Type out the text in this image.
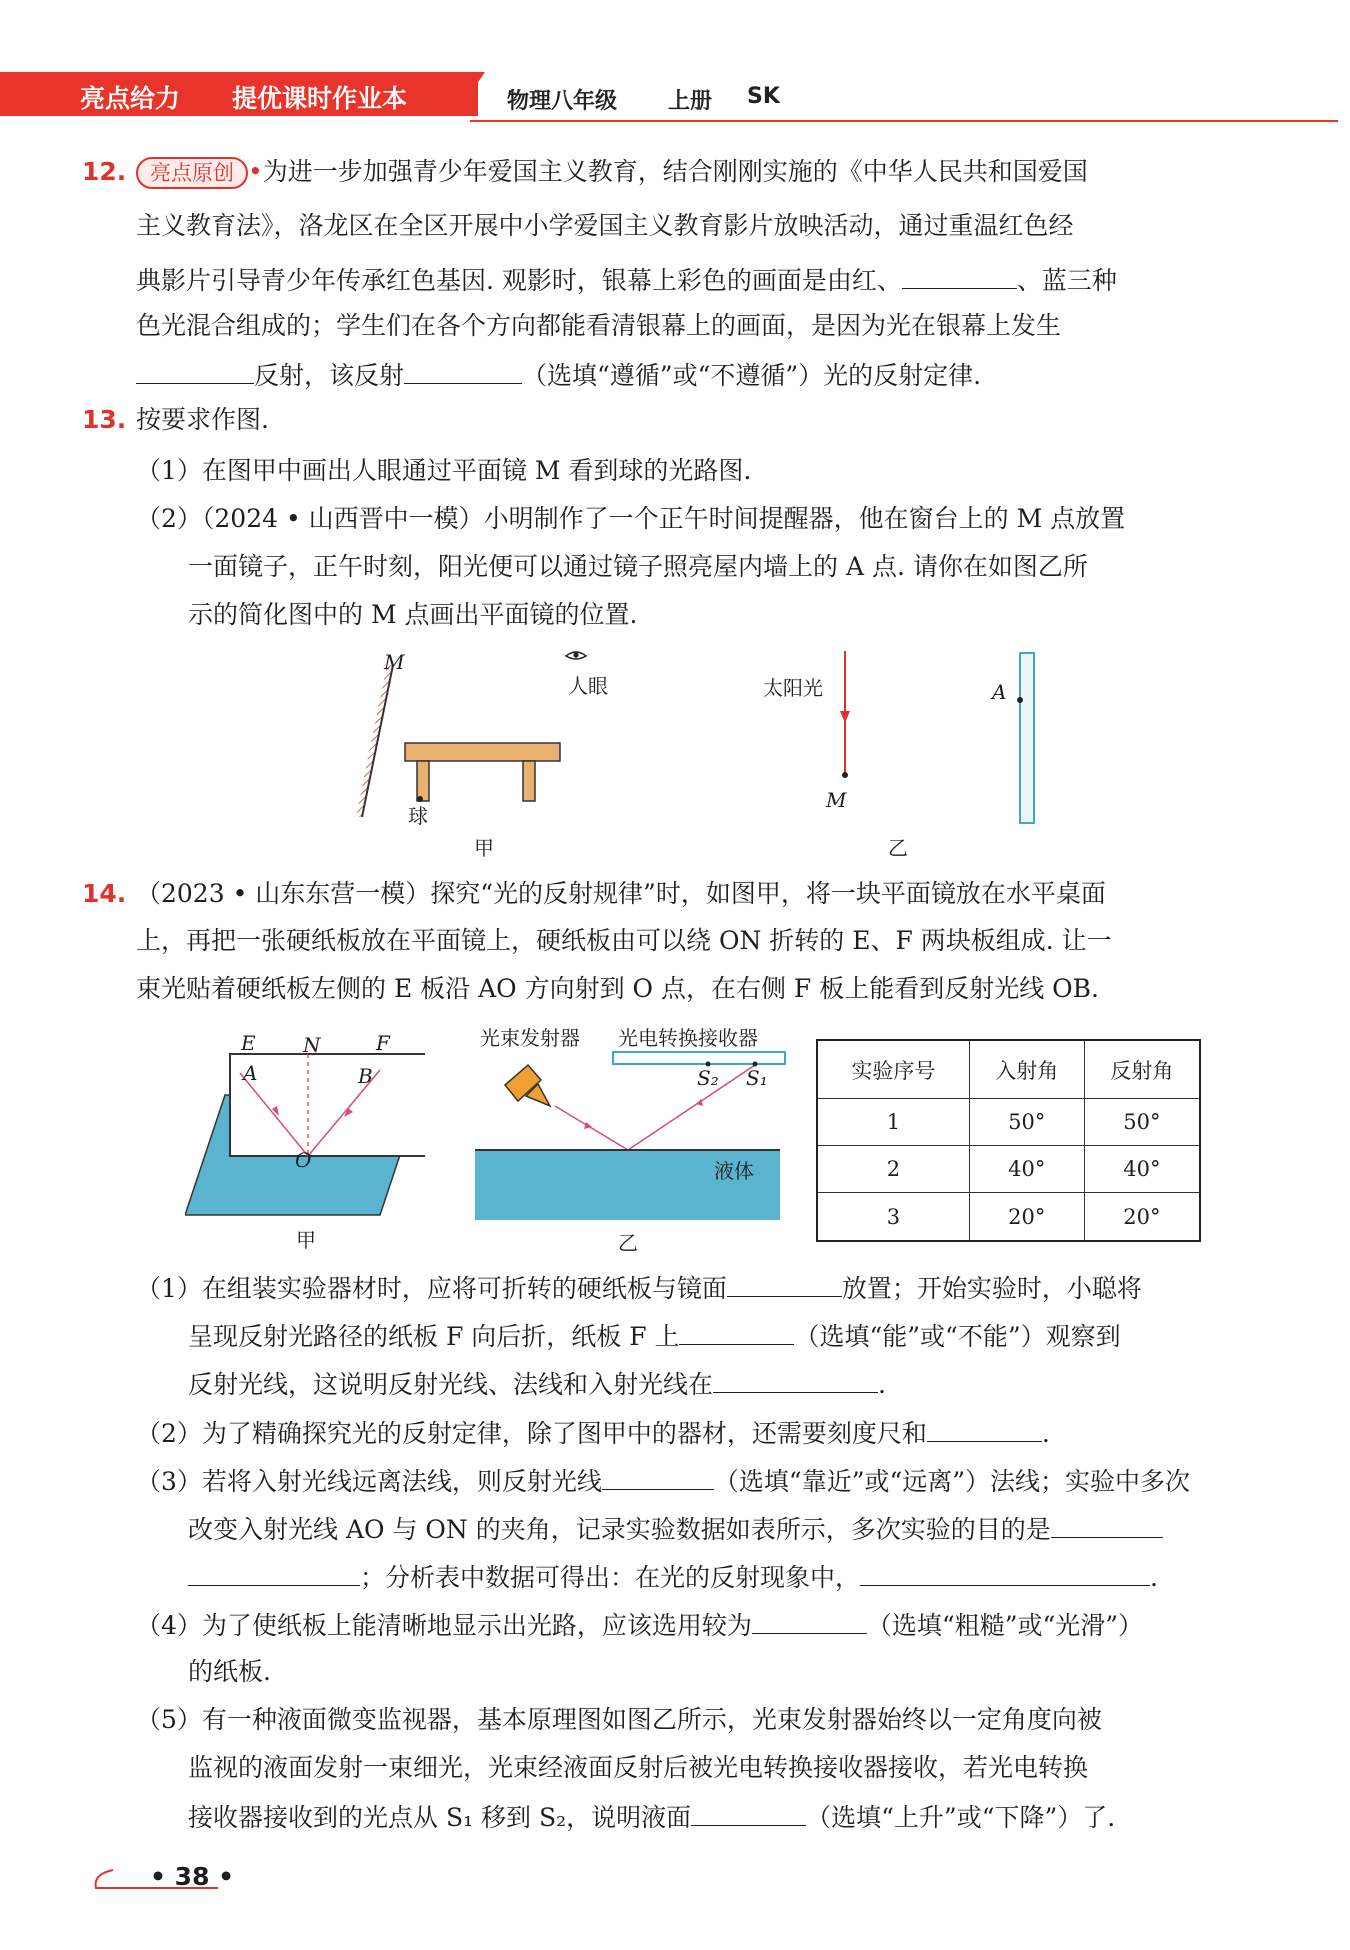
亮点给力 提优课时作业本	物理八年级 上册 SK
12.	亮点原创 •为进一步加强青少年爱国主义教育，结合刚刚实施的《中华人民共和国爱国
主义教育法》，洛龙区在全区开展中小学爱国主义教育影片放映活动，通过重温红色经
典影片引导青少年传承红色基因. 观影时，银幕上彩色的画面是由红、	、蓝三种
色光混合组成的；学生们在各个方向都能看清银幕上的画面，是因为光在银幕上发生
反射，该反射	（选填“遵循”或“不遵循”）光的反射定律.
13. 按要求作图.
（1）在图甲中画出人眼通过平面镜 M 看到球的光路图.
（2）（2024 • 山西晋中一模）小明制作了一个正午时间提醒器，他在窗台上的 M 点放置
一面镜子，正午时刻，阳光便可以通过镜子照亮屋内墙上的 A 点. 请你在如图乙所
示的简化图中的 M 点画出平面镜的位置.
M
人眼
球
甲
太阳光
M
A
乙
14. （2023 • 山东东营一模）探究“光的反射规律”时，如图甲，将一块平面镜放在水平桌面
上，再把一张硬纸板放在平面镜上，硬纸板由可以绕 ON 折转的 E、F 两块板组成. 让一
束光贴着硬纸板左侧的 E 板沿 AO 方向射到 O 点，在右侧 F 板上能看到反射光线 OB.
E N	F
A	B
O
甲
光束发射器 光电转换接收器
S₂ S₁
液体
乙
实验序号	入射角	反射角
1	50°	50°
2	40°	40°
3	20°	20°
（1）在组装实验器材时，应将可折转的硬纸板与镜面	放置；开始实验时，小聪将
呈现反射光路径的纸板 F 向后折，纸板 F 上	（选填“能”或“不能”）观察到
反射光线，这说明反射光线、法线和入射光线在	.
（2）为了精确探究光的反射定律，除了图甲中的器材，还需要刻度尺和	.
（3）若将入射光线远离法线，则反射光线	（选填“靠近”或“远离”）法线；实验中多次
改变入射光线 AO 与 ON 的夹角，记录实验数据如表所示，多次实验的目的是
；分析表中数据可得出：在光的反射现象中，	.
（4）为了使纸板上能清晰地显示出光路，应该选用较为	（选填“粗糙”或“光滑”）
的纸板.
（5）有一种液面微变监视器，基本原理图如图乙所示，光束发射器始终以一定角度向被
监视的液面发射一束细光，光束经液面反射后被光电转换接收器接收，若光电转换
接收器接收到的光点从 S₁ 移到 S₂，说明液面	（选填“上升”或“下降”）了.
• 38 •
